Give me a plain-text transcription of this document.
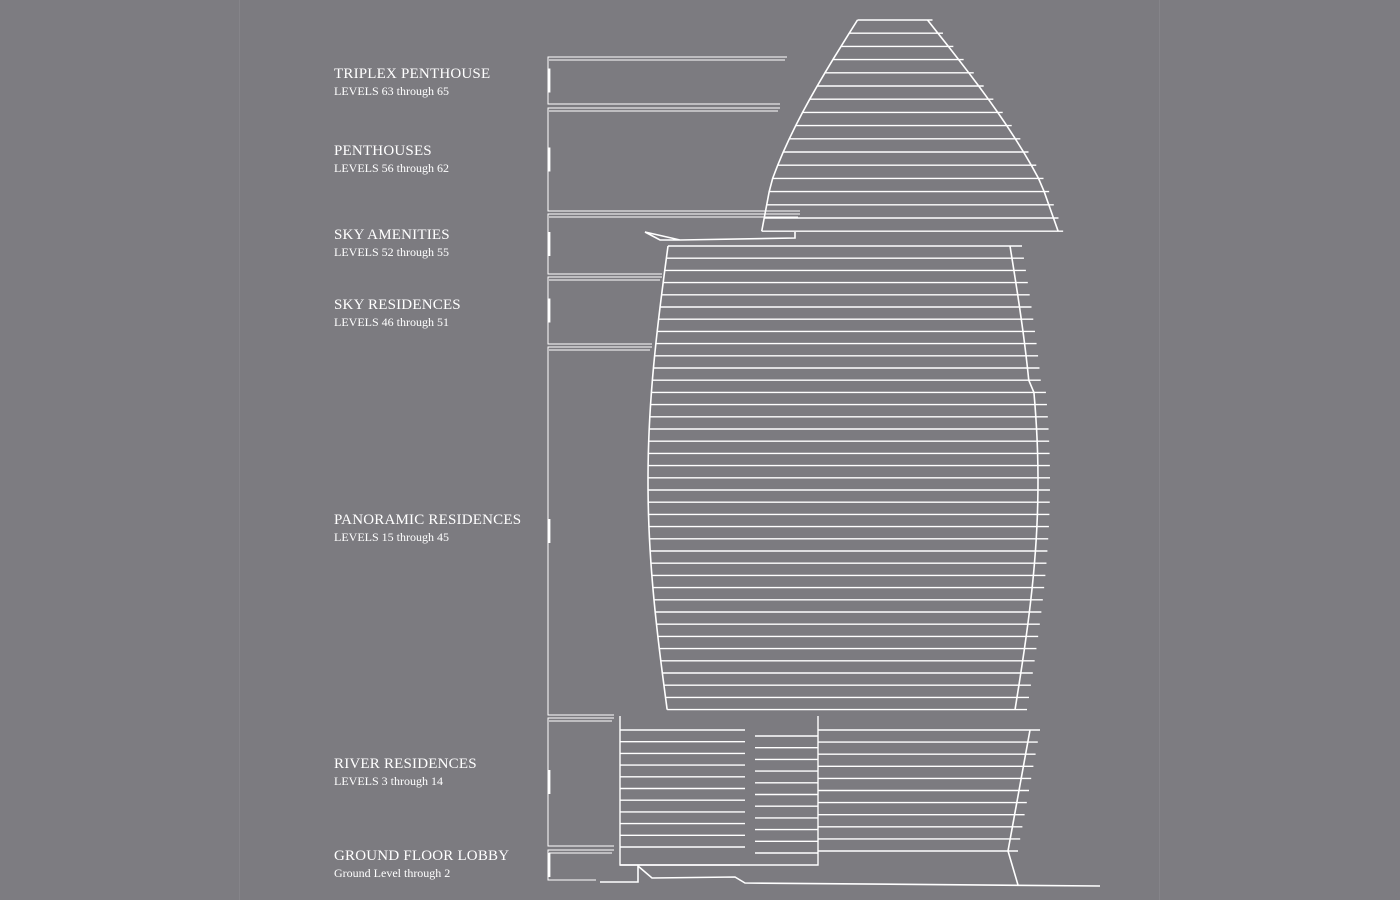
TRIPLEX PENTHOUSE
LEVELS 63 through 65
PENTHOUSES
LEVELS 56 through 62
SKY AMENITIES
LEVELS 52 through 55
SKY RESIDENCES
LEVELS 46 through 51
PANORAMIC RESIDENCES
LEVELS 15 through 45
RIVER RESIDENCES
LEVELS 3 through 14
GROUND FLOOR LOBBY
Ground Level through 2
